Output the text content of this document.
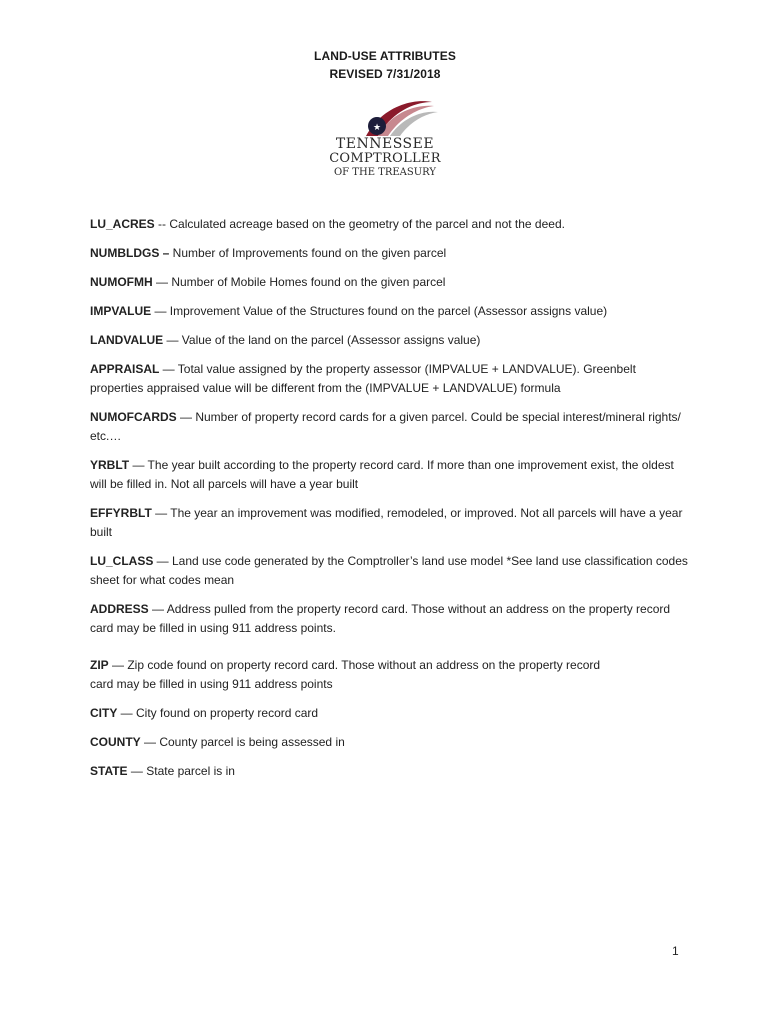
LAND-USE ATTRIBUTES
REVISED 7/31/2018
★
TENNESSEE
COMPTROLLER
OF THE TREASURY
LU_ACRES -- Calculated acreage based on the geometry of the parcel and not the deed.
NUMBLDGS – Number of Improvements found on the given parcel
NUMOFMH — Number of Mobile Homes found on the given parcel
IMPVALUE — Improvement Value of the Structures found on the parcel (Assessor assigns value)
LANDVALUE — Value of the land on the parcel (Assessor assigns value)
APPRAISAL — Total value assigned by the property assessor (IMPVALUE + LANDVALUE). Greenbelt properties appraised value will be different from the (IMPVALUE + LANDVALUE) formula
NUMOFCARDS — Number of property record cards for a given parcel. Could be special interest/mineral rights/ etc.…
YRBLT — The year built according to the property record card. If more than one improvement exist, the oldest will be filled in. Not all parcels will have a year built
EFFYRBLT — The year an improvement was modified, remodeled, or improved. Not all parcels will have a year built
LU_CLASS — Land use code generated by the Comptroller’s land use model *See land use classification codes sheet for what codes mean
ADDRESS — Address pulled from the property record card. Those without an address on the property record card may be filled in using 911 address points.
ZIP — Zip code found on property record card. Those without an address on the property record card may be filled in using 911 address points
CITY — City found on property record card
COUNTY — County parcel is being assessed in
STATE — State parcel is in
1
